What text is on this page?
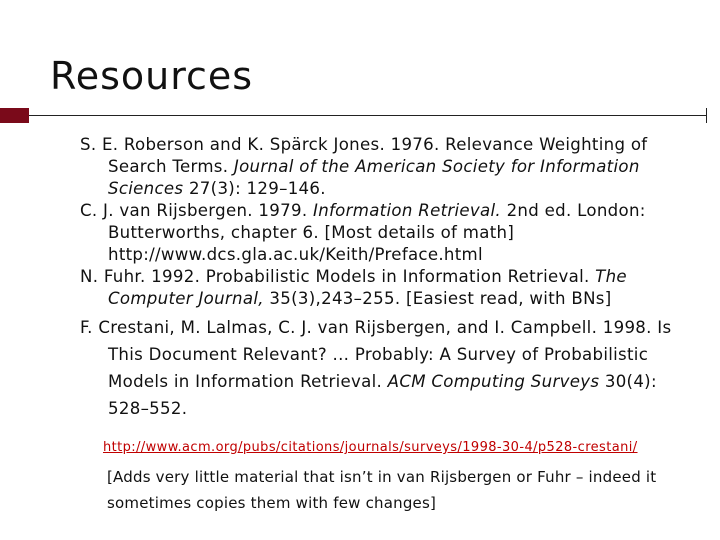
Resources

S. E. Roberson and K. Spärck Jones. 1976. Relevance Weighting of Search Terms. Journal of the American Society for Information Sciences 27(3): 129–146.

C. J. van Rijsbergen. 1979. Information Retrieval. 2nd ed. London: Butterworths, chapter 6. [Most details of math]
http://www.dcs.gla.ac.uk/Keith/Preface.html

N. Fuhr. 1992. Probabilistic Models in Information Retrieval. The Computer Journal, 35(3),243–255. [Easiest read, with BNs]

F. Crestani, M. Lalmas, C. J. van Rijsbergen, and I. Campbell. 1998. Is This Document Relevant? ... Probably: A Survey of Probabilistic Models in Information Retrieval. ACM Computing Surveys 30(4): 528–552.

http://www.acm.org/pubs/citations/journals/surveys/1998-30-4/p528-crestani/
[Adds very little material that isn’t in van Rijsbergen or Fuhr – indeed it sometimes copies them with few changes]
